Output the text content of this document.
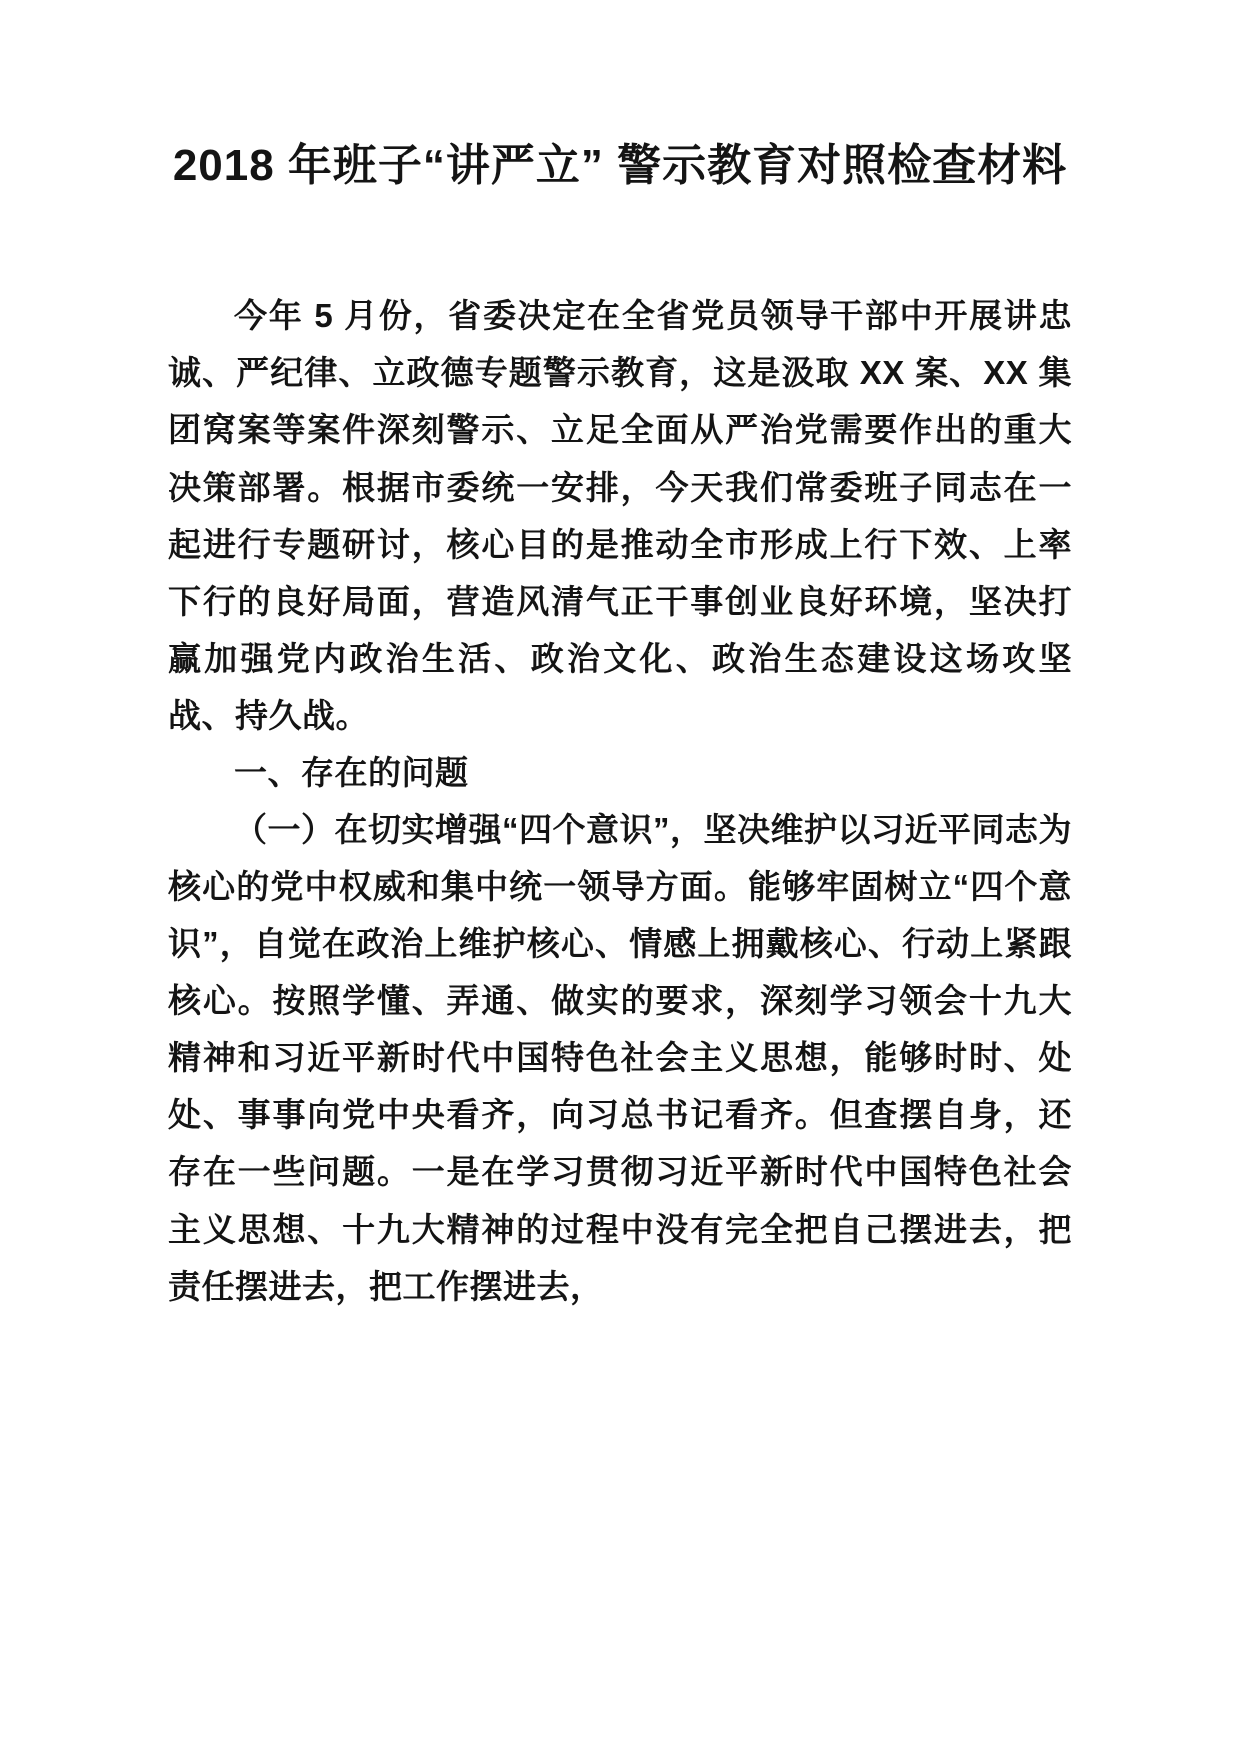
2018 年班子“讲严立” 警示教育对照检查材料

今年 5 月份，省委决定在全省党员领导干部中开展讲忠诚、严纪律、立政德专题警示教育，这是汲取 XX 案、XX 集团窝案等案件深刻警示、立足全面从严治党需要作出的重大决策部署。根据市委统一安排，今天我们常委班子同志在一起进行专题研讨，核心目的是推动全市形成上行下效、上率下行的良好局面，营造风清气正干事创业良好环境，坚决打赢加强党内政治生活、政治文化、政治生态建设这场攻坚战、持久战。

一、存在的问题

（一）在切实增强“四个意识”，坚决维护以习近平同志为核心的党中权威和集中统一领导方面。能够牢固树立“四个意识”，自觉在政治上维护核心、情感上拥戴核心、行动上紧跟核心。按照学懂、弄通、做实的要求，深刻学习领会十九大精神和习近平新时代中国特色社会主义思想，能够时时、处处、事事向党中央看齐，向习总书记看齐。但查摆自身，还存在一些问题。一是在学习贯彻习近平新时代中国特色社会主义思想、十九大精神的过程中没有完全把自己摆进去，把责任摆进去，把工作摆进去，
